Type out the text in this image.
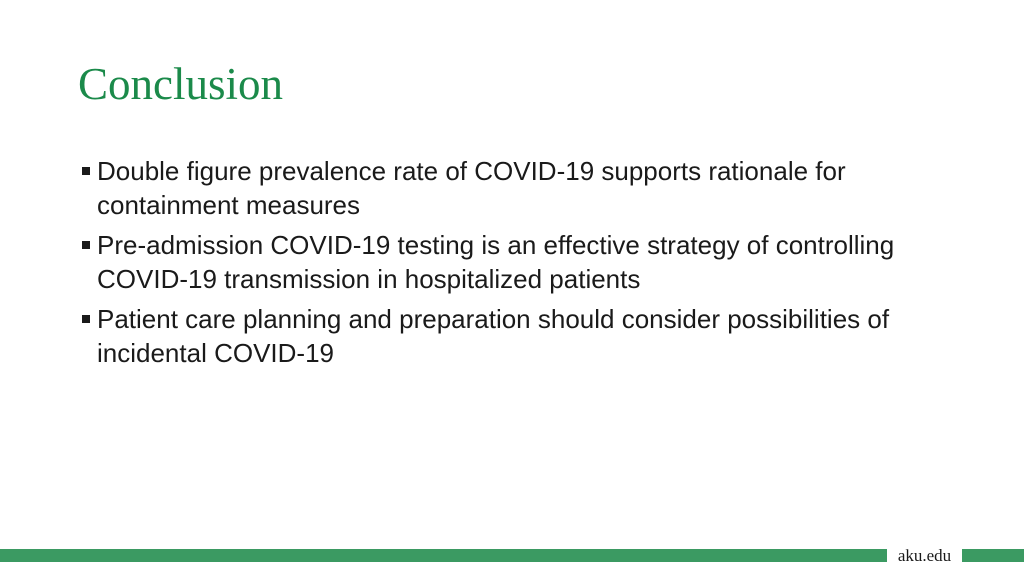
Conclusion
Double figure prevalence rate of COVID-19 supports rationale for containment measures
Pre-admission COVID-19 testing is an effective strategy of controlling COVID-19 transmission in hospitalized patients
Patient care planning and preparation should consider possibilities of incidental COVID-19
aku.edu
